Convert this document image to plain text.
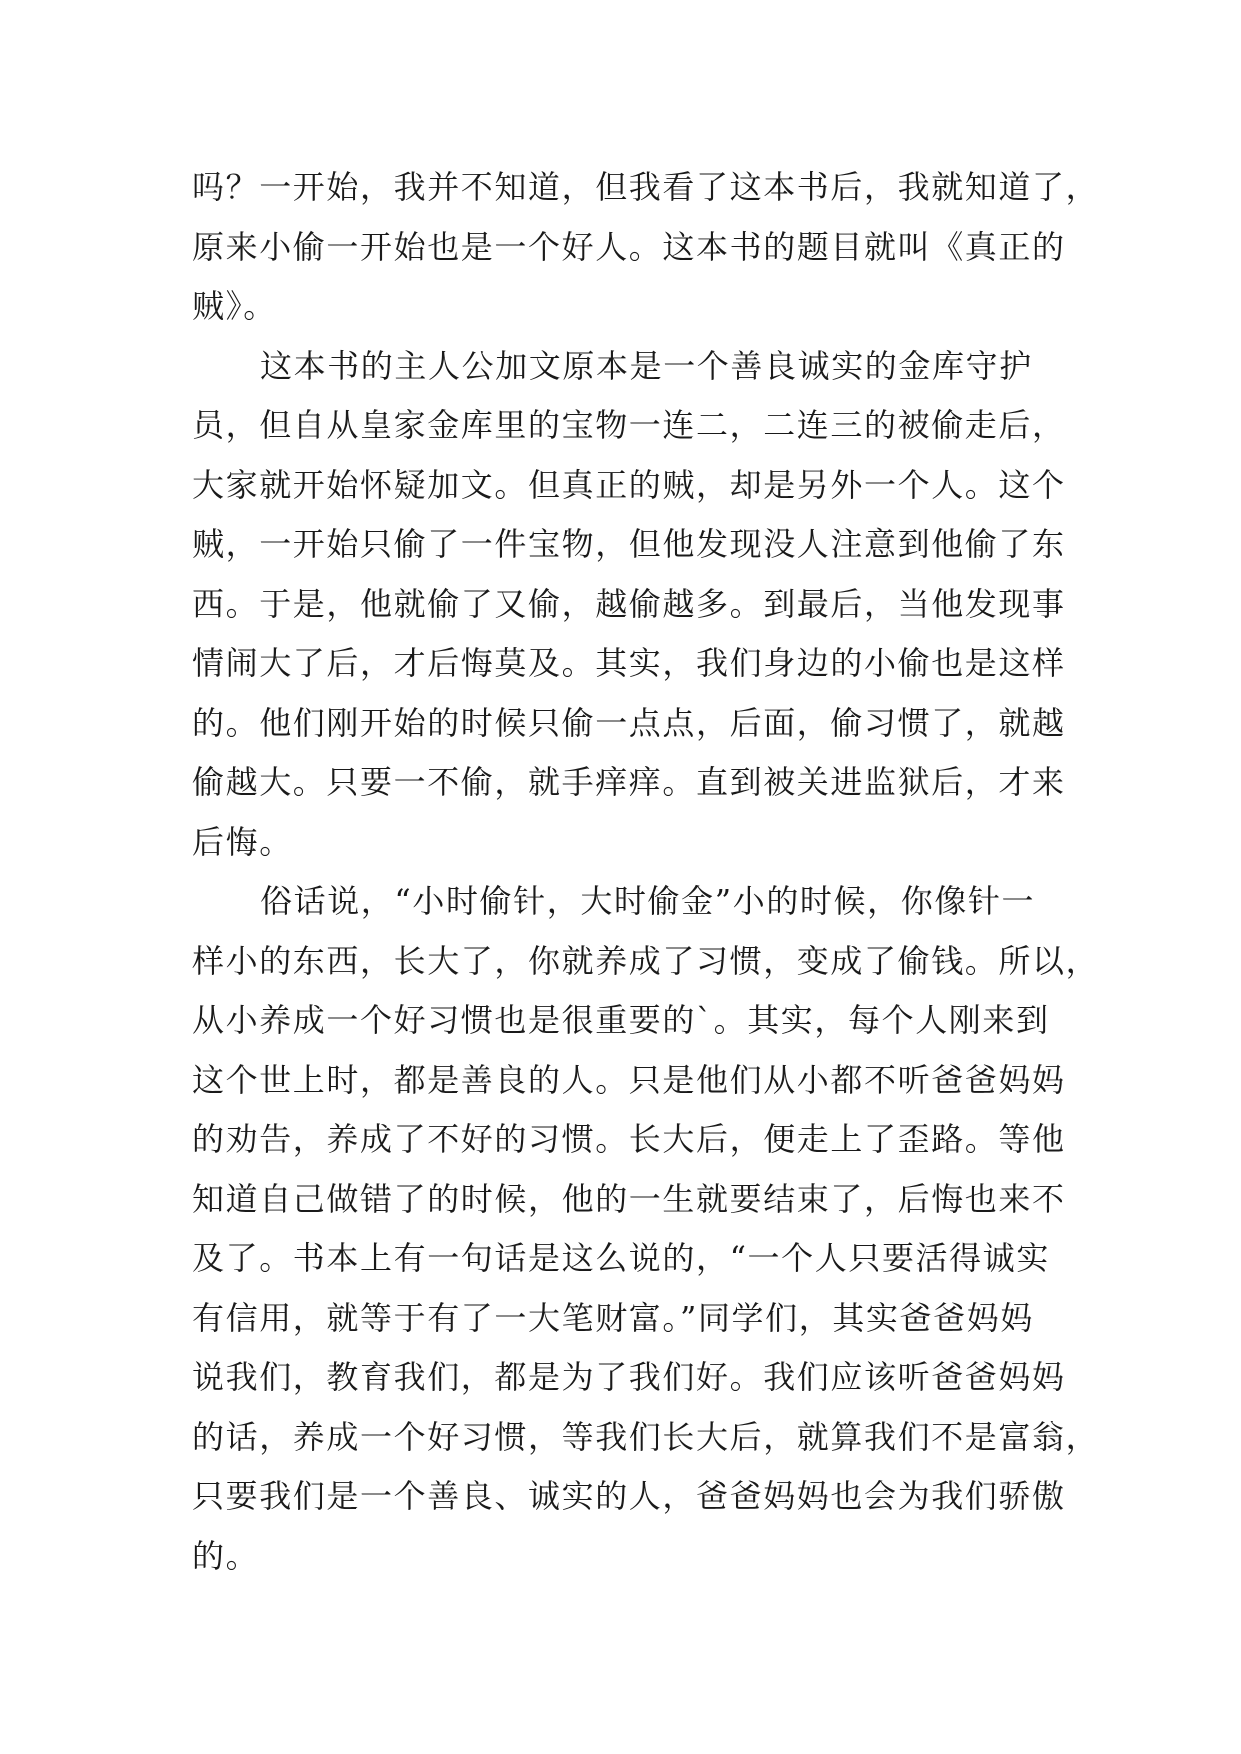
吗？一开始，我并不知道，但我看了这本书后，我就知道了，
原来小偷一开始也是一个好人。这本书的题目就叫《真正的
贼》。
这本书的主人公加文原本是一个善良诚实的金库守护
员，但自从皇家金库里的宝物一连二，二连三的被偷走后，
大家就开始怀疑加文。但真正的贼，却是另外一个人。这个
贼，一开始只偷了一件宝物，但他发现没人注意到他偷了东
西。于是，他就偷了又偷，越偷越多。到最后，当他发现事
情闹大了后，才后悔莫及。其实，我们身边的小偷也是这样
的。他们刚开始的时候只偷一点点，后面，偷习惯了，就越
偷越大。只要一不偷，就手痒痒。直到被关进监狱后，才来
后悔。
俗话说，“小时偷针，大时偷金”小的时候，你像针一
样小的东西，长大了，你就养成了习惯，变成了偷钱。所以，
从小养成一个好习惯也是很重要的`。其实，每个人刚来到
这个世上时，都是善良的人。只是他们从小都不听爸爸妈妈
的劝告，养成了不好的习惯。长大后，便走上了歪路。等他
知道自己做错了的时候，他的一生就要结束了，后悔也来不
及了。书本上有一句话是这么说的，“一个人只要活得诚实
有信用，就等于有了一大笔财富。”同学们，其实爸爸妈妈
说我们，教育我们，都是为了我们好。我们应该听爸爸妈妈
的话，养成一个好习惯，等我们长大后，就算我们不是富翁，
只要我们是一个善良、诚实的人，爸爸妈妈也会为我们骄傲
的。
